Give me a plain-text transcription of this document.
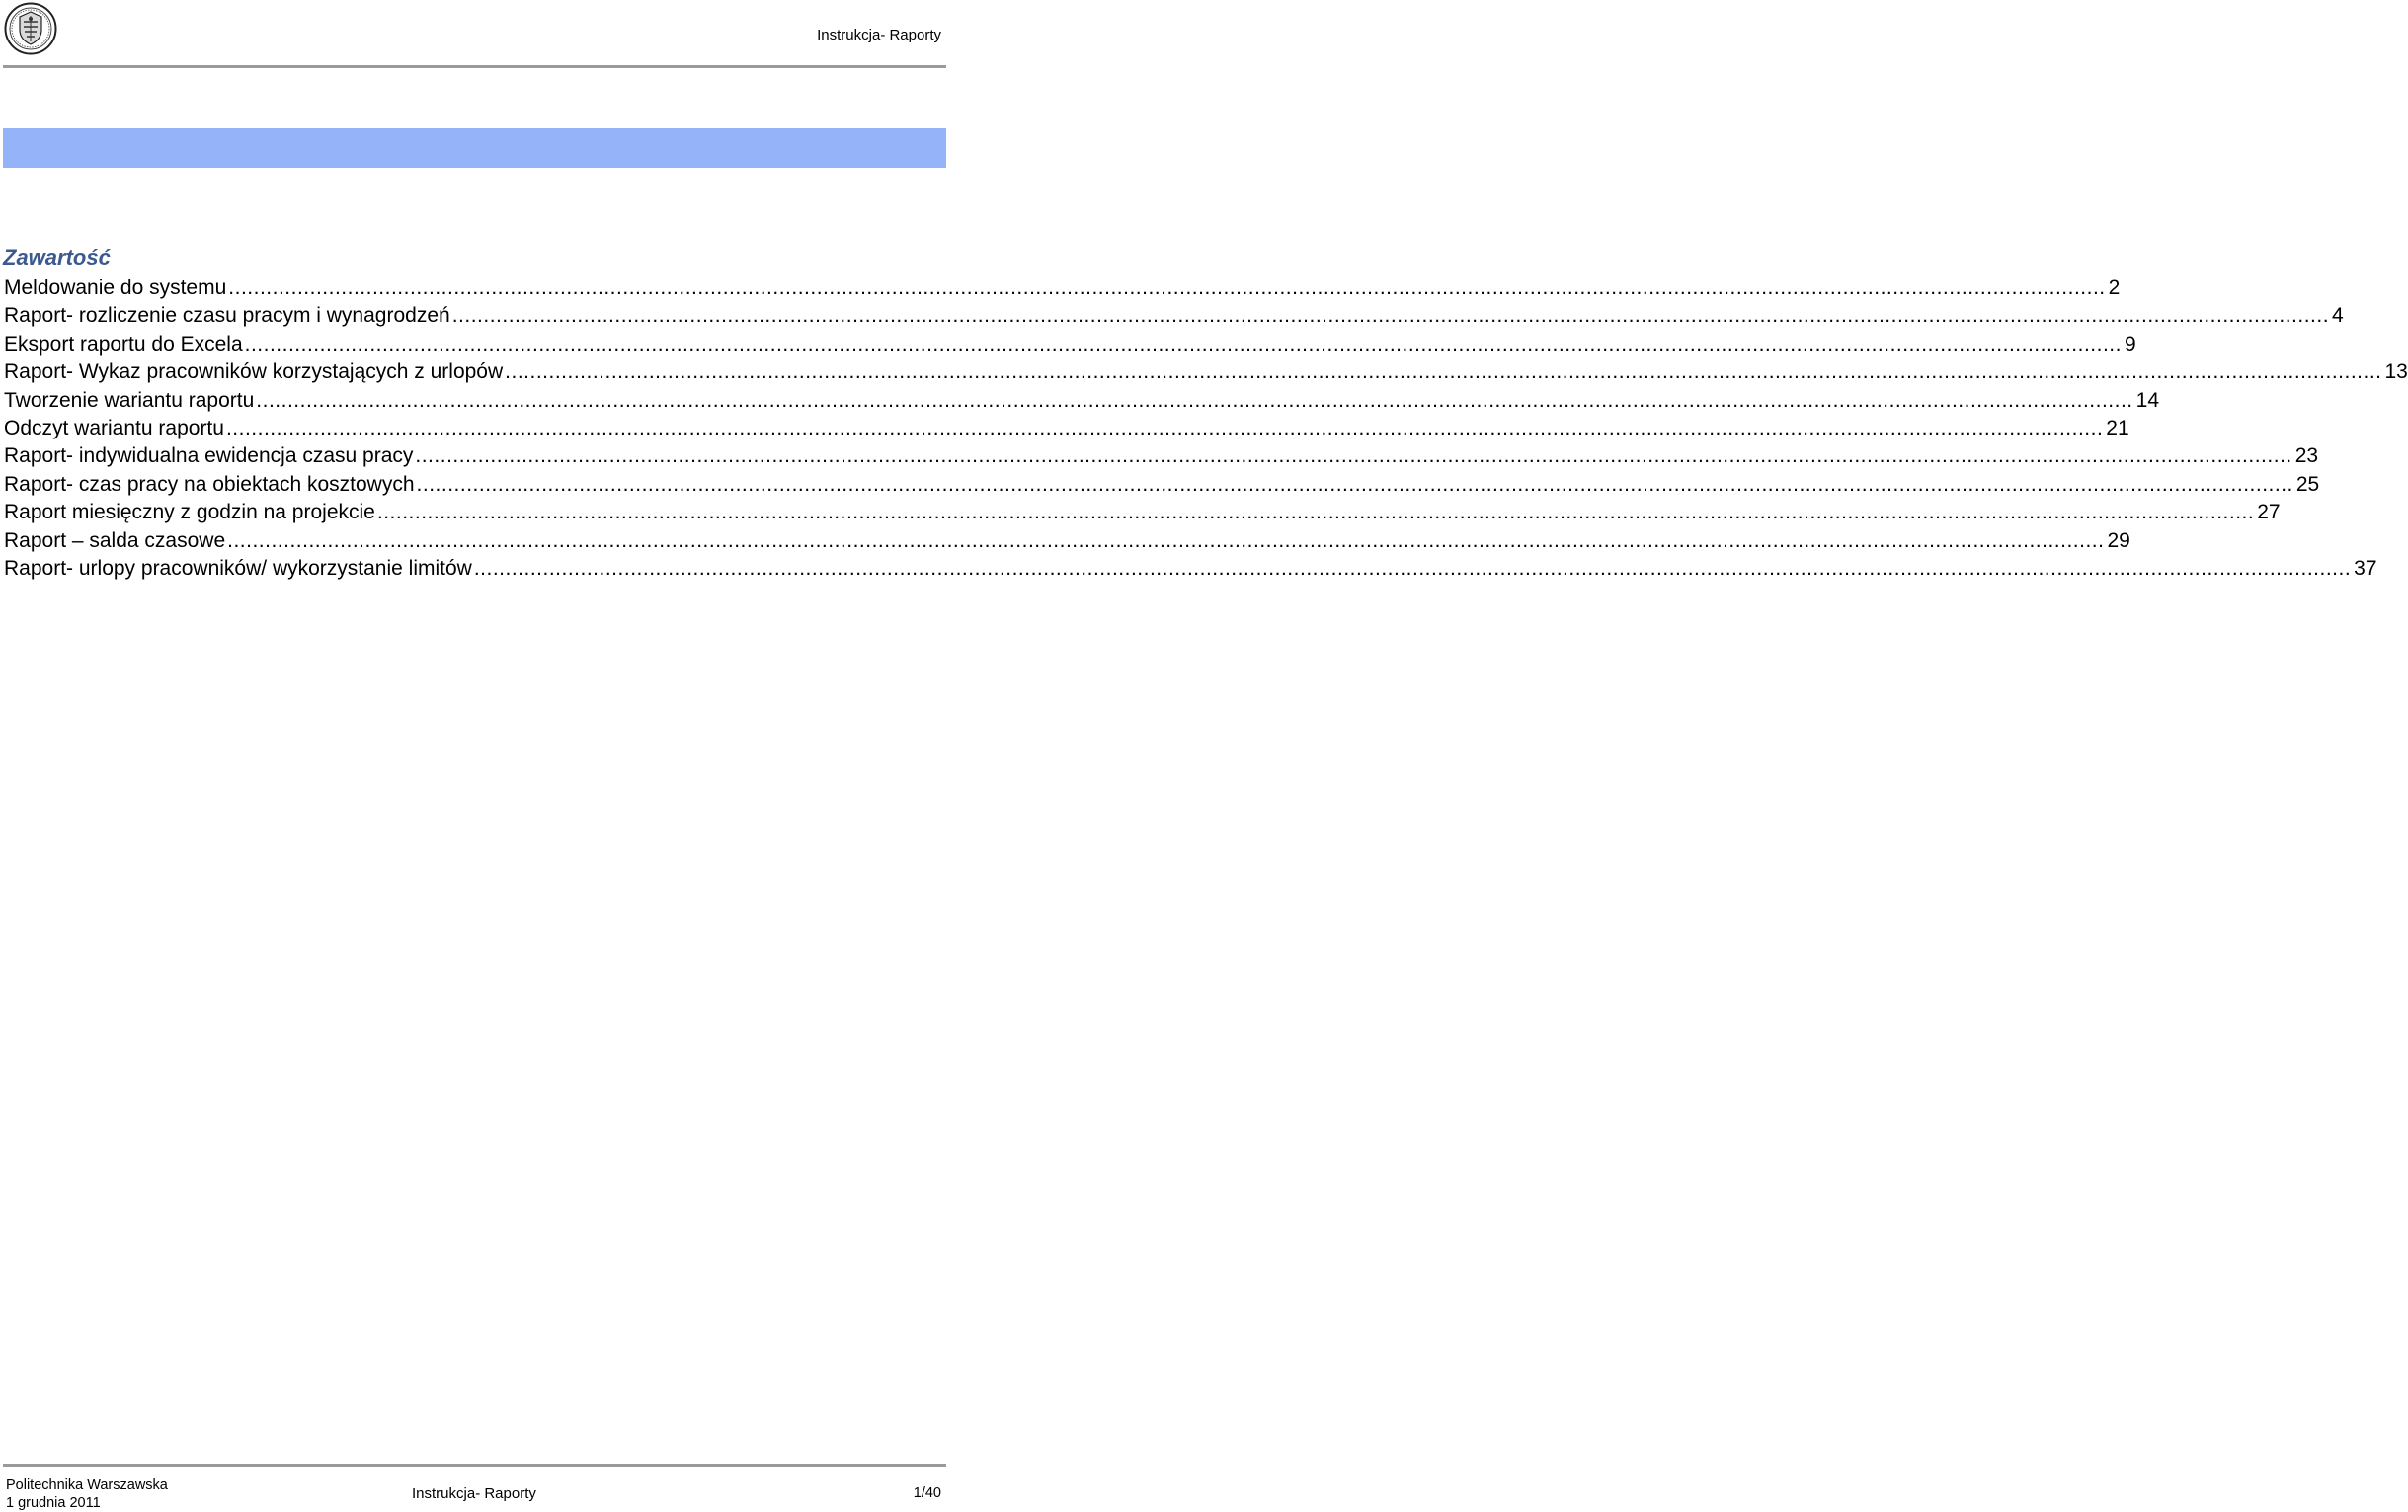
Instrukcja- Raporty
Zawartość
Meldowanie do systemu ............................................................................................................................................................................................................................................................................................................ 2
Raport- rozliczenie czasu pracym i wynagrodzeń ............................................................................................................................................................................................................................................................................................................ 4
Eksport raportu do Excela ............................................................................................................................................................................................................................................................................................................ 9
Raport- Wykaz pracowników korzystających z urlopów ............................................................................................................................................................................................................................................................................................................ 13
Tworzenie wariantu raportu ............................................................................................................................................................................................................................................................................................................ 14
Odczyt wariantu raportu ............................................................................................................................................................................................................................................................................................................ 21
Raport- indywidualna ewidencja czasu pracy ............................................................................................................................................................................................................................................................................................................ 23
Raport- czas pracy na obiektach kosztowych ............................................................................................................................................................................................................................................................................................................ 25
Raport miesięczny z godzin na projekcie ............................................................................................................................................................................................................................................................................................................ 27
Raport – salda czasowe ............................................................................................................................................................................................................................................................................................................ 29
Raport- urlopy pracowników/ wykorzystanie limitów ............................................................................................................................................................................................................................................................................................................ 37
Politechnika Warszawska
1 grudnia 2011
Instrukcja- Raporty	1/40
